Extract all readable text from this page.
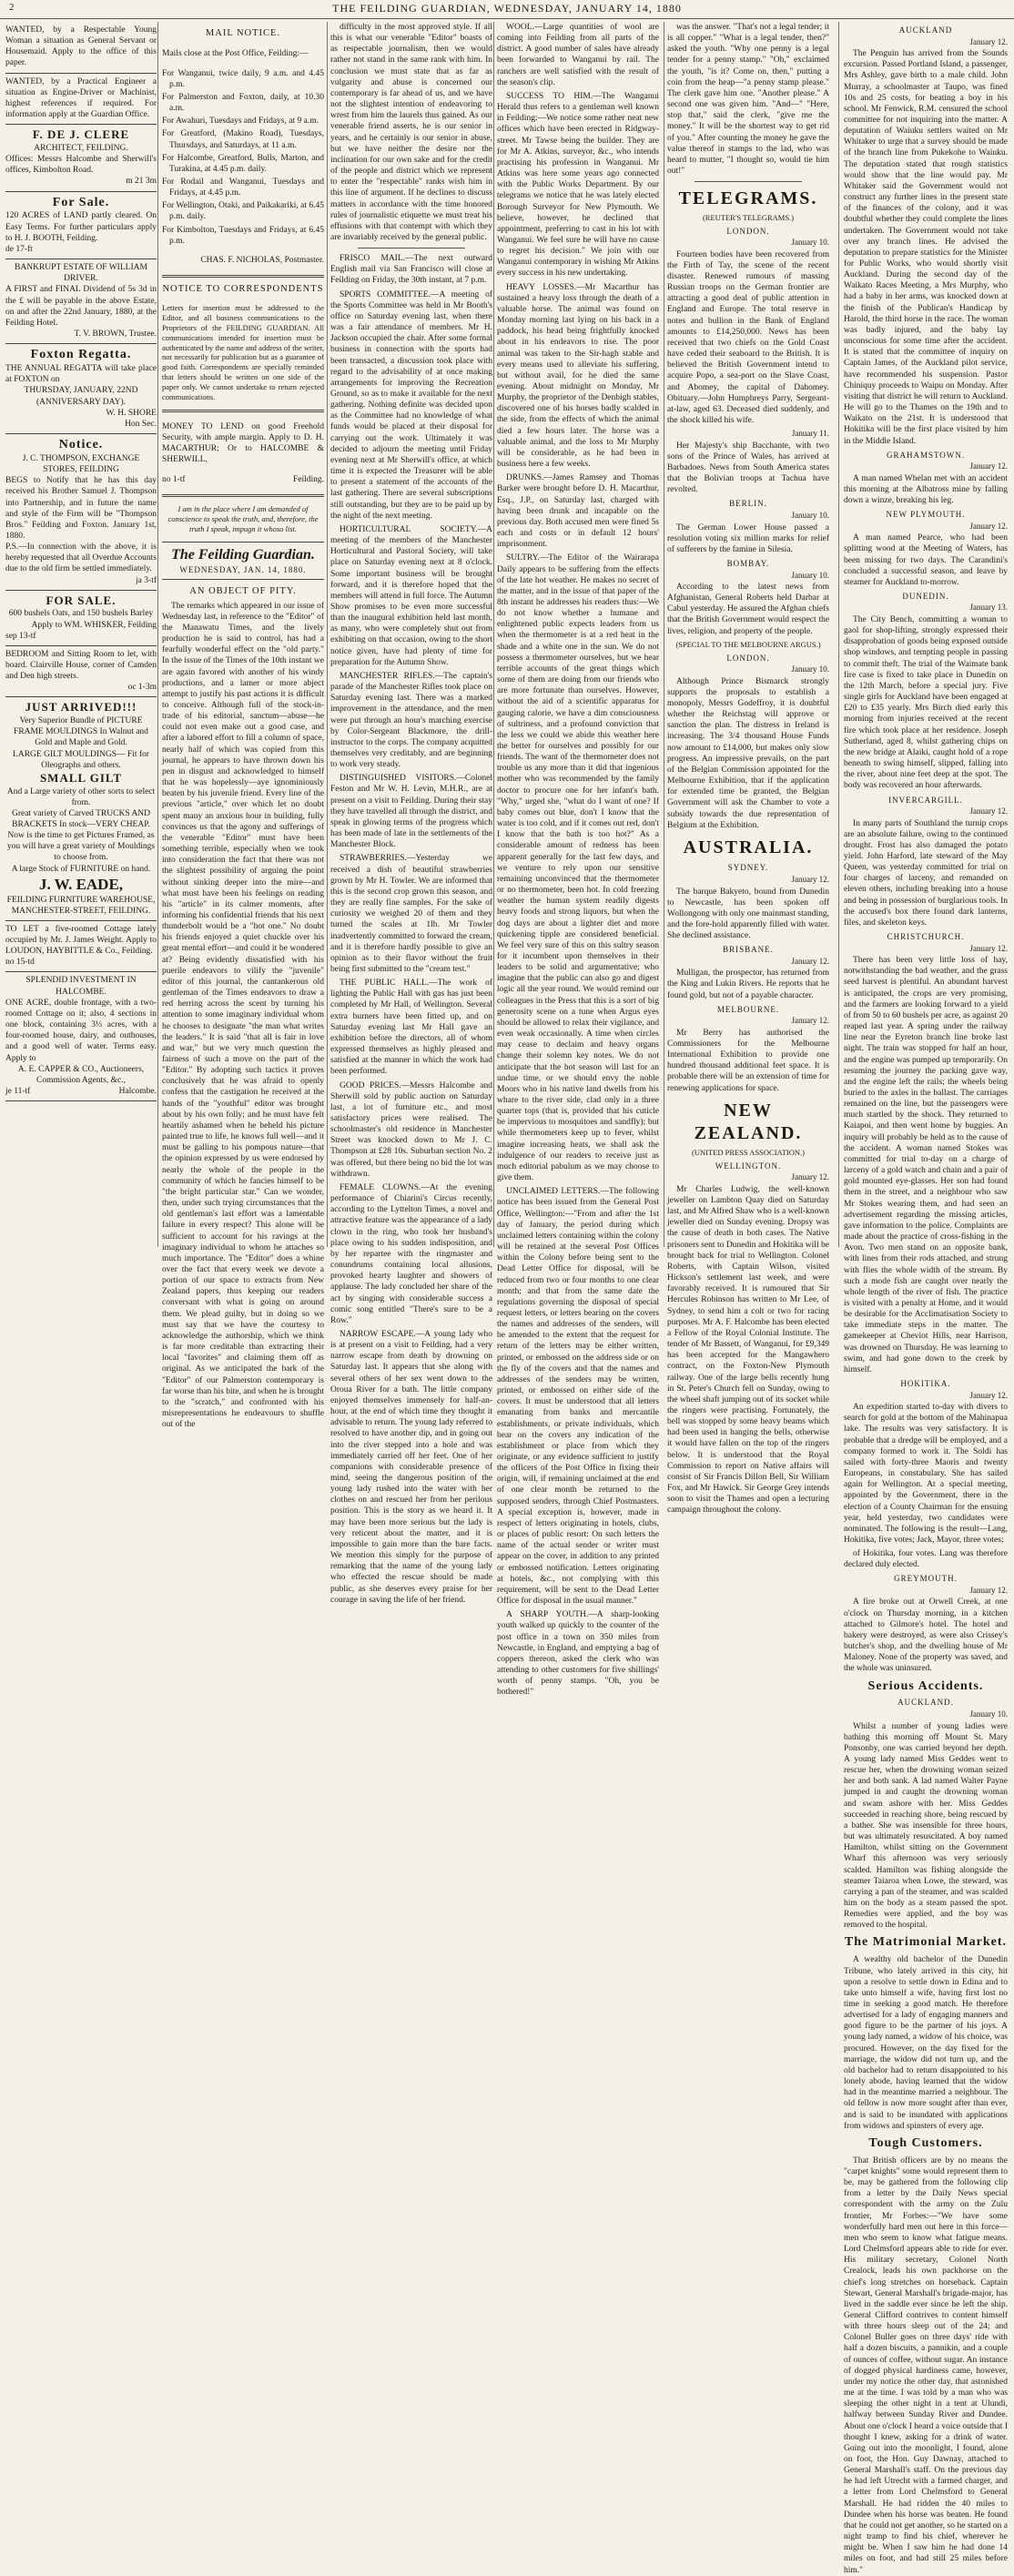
2	THE FEILDING GUARDIAN, WEDNESDAY, JANUARY 14, 1880

WANTED, by a Respectable Young Woman a situation as General Servant or Housemaid. Apply to the office of this paper.

WANTED, by a Practical Engineer a situation as Engine-Driver or Machinist, highest references if required. For information apply at the Guardian Office.

F. DE J. CLERE

ARCHITECT, FEILDING.

Offices: Messrs Halcombe and Sherwill's offices, Kimbolton Road.

m 21 3m

For Sale.

120 ACRES of LAND partly cleared. On Easy Terms. For further particulars apply to H. J. BOOTH, Feilding.

de 17-ft

BANKRUPT ESTATE OF WILLIAM DRIVER.

A FIRST and FINAL Dividend of 5s 3d in the £ will be payable in the above Estate, on and after the 22nd January, 1880, at the Feilding Hotel.

T. V. BROWN, Trustee.

Foxton Regatta.

THE ANNUAL REGATTA will take place at FOXTON on

THURSDAY, JANUARY, 22ND

(ANNIVERSARY DAY).

W. H. SHORE

Hon Sec.

Notice.

J. C. THOMPSON, EXCHANGE STORES, FEILDING

BEGS to Notify that he has this day received his Brother Samuel J. Thompson into Partnership, and in future the name and style of the Firm will be "Thompson Bros." Feilding and Foxton. January 1st, 1880.

P.S.—In connection with the above, it is hereby requested that all Overdue Accounts due to the old firm be settled immediately.

ja 3-tf

FOR SALE.

600 bushels Oats, and 150 bushels Barley

Apply to WM. WHISKER, Feilding

sep 13-tf

BEDROOM and Sitting Room to let, with board. Clairville House, corner of Camden and Den high streets.

oc 1-3m

JUST ARRIVED!!!

Very Superior Bundle of PICTURE FRAME MOULDINGS In Walnut and Gold and Maple and Gold.

LARGE GILT MOULDINGS— Fit for Oleographs and others.

SMALL GILT

And a Large variety of other sorts to select from.

Great variety of Carved TRUCKS AND BRACKETS In stock—VERY CHEAP.

Now is the time to get Pictures Framed, as you will have a great variety of Mouldings to choose from.

A large Stock of FURNITURE on hand.

J. W. EADE,

FEILDING FURNITURE WAREHOUSE, MANCHESTER-STREET, FEILDING.

TO LET a five-roomed Cottage lately occupied by Mr. J. James Weight. Apply to LOUDON, HAYBITTLE & Co., Feilding.

no 15-td

SPLENDID INVESTMENT IN HALCOMBE.

ONE ACRE, double frontage, with a two-roomed Cottage on it; also, 4 sections in one block, containing 3⅓ acres, with a four-roomed house, dairy, and outhouses, and a good well of water. Terms easy. Apply to

A. E. CAPPER & CO., Auctioneers, Commission Agents, &c.,

je 11-tf	Halcombe.

MAIL NOTICE.

Mails close at the Post Office, Feilding:—

For Wanganui, twice daily, 9 a.m. and 4.45 p.m.

For Palmerston and Foxton, daily, at 10.30 a.m.

For Awahuri, Tuesdays and Fridays, at 9 a.m.

For Greatford, (Makino Road), Tuesdays, Thursdays, and Saturdays, at 11 a.m.

For Halcombe, Greatford, Bulls, Marton, and Turakina, at 4.45 p.m. daily.

For Rodail and Wanganui, Tuesdays and Fridays, at 4.45 p.m.

For Wellington, Otaki, and Paikakariki, at 6.45 p.m. daily.

For Kimbolton, Tuesdays and Fridays, at 6.45 p.m.

CHAS. F. NICHOLAS, Postmaster.

NOTICE TO CORRESPONDENTS

Letters for insertion must be addressed to the Editor, and all business communications to the Proprietors of the FEILDING GUARDIAN. All communications intended for insertion must be authenticated by the name and address of the writer, not necessarily for publication but as a guarantee of good faith. Correspondents are specially reminded that letters should be written on one side of the paper only. We cannot undertake to return rejected communications.

MONEY TO LEND on good Freehold Security, with ample margin. Apply to D. H. MACARTHUR; Or to HALCOMBE & SHERWILL,

no 1-tf	Feilding.

I am in the place where I am demanded of conscience to speak the truth, and, therefore, the truth I speak, impugn it whoso list.

The Feilding Guardian.
WEDNESDAY, JAN. 14, 1880.

AN OBJECT OF PITY.

The remarks which appeared in our issue of Wednesday last, in reference to the "Editor" of the Manawatu Times, and the lively production he is said to control, has had a fearfully wonderful effect on the "old party." In the issue of the Times of the 10th instant we are again favored with another of his windy productions, and a lamer or more abject attempt to justify his past actions it is difficult to conceive. Although full of the stock-in-trade of his editorial, sanctum—abuse—he could not even make out a good case, and after a labored effort to fill a column of space, nearly half of which was copied from this journal, he appears to have thrown down his pen in disgust and acknowledged to himself that he was hopelessly—aye ignominiously beaten by his juvenile friend. Every line of the previous "article," over which let no doubt spent many an anxious hour in building, fully convinces us that the agony and sufferings of the venerable "Editor" must have been something terrible, especially when we took into consideration the fact that there was not the slightest possibility of arguing the point without sinking deeper into the mire—and what must have been his feelings on reading his "article" in its calmer moments, after informing his confidential friends that his next thunderbolt would be a "hot one." No doubt his friends enjoyed a quiet chuckle over his great mental effort—and could it be wondered at? Being evidently dissatisfied with his puerile endeavors to vilify the "juvenile" editor of this journal, the cantankerous old gentleman of the Times endeavors to draw a red herring across the scent by turning his attention to some imaginary individual whom he chooses to designate "the man what writes the leaders." It is said "that all is fair in love and war," but we very much question the fairness of such a move on the part of the "Editor." By adopting such tactics it proves conclusively that he was afraid to openly confess that the castigation he received at the hands of the "youthful" editor was brought about by his own folly; and he must have felt heartily ashamed when he beheld his picture painted true to life, he knows full well—and it must be galling to his pompous nature—that the opinion expressed by us were endorsed by nearly the whole of the people in the community of which he fancies himself to be "the bright particular star." Can we wonder, then, under such trying circumstances that the old gentleman's last effort was a lamentable failure in every respect? This alone will be sufficient to account for his ravings at the imaginary individual to whom he attaches so much importance. The "Editor" does a whine over the fact that every week we devote a portion of our space to extracts from New Zealand papers, thus keeping our readers conversant with what is going on around them. We plead guilty, but in doing so we must say that we have the courtesy to acknowledge the authorship, which we think is far more creditable than extracting their local "favorites" and claiming them off as original. As we anticipated the bark of the "Editor" of our Palmerston contemporary is far worse than his bite, and when he is brought to the "scratch," and confronted with his misrepresentations he endeavours to shuffle out of the

difficulty in the most approved style. If all this is what our venerable "Editor" boasts of as respectable journalism, then we would rather not stand in the same rank with him. In conclusion we must state that as far as vulgarity and abuse is concerned our contemporary is far ahead of us, and we have not the slightest intention of endeavoring to wrest from him the laurels thus gained. As our venerable friend asserts, he is our senior in years, and he certainly is our senior in abuse, but we have neither the desire nor the inclination for our own sake and for the credit of the people and district which we represent to enter the "respectable" ranks wish him in this line of argument. If he declines to discuss matters in accordance with the time honored rules of journalistic etiquette we must treat his effusions with that contempt with which they are invariably received by the general public.

FRISCO MAIL.—The next outward English mail via San Francisco will close at Feilding on Friday, the 30th instant, at 7 p.m.

SPORTS COMMITTEE.—A meeting of the Sports Committee was held in Mr Booth's office on Saturday evening last, when there was a fair attendance of members. Mr H. Jackson occupied the chair. After some formal business in connection with the sports had been transacted, a discussion took place with regard to the advisability of at once making arrangements for improving the Recreation Ground, so as to make it available for the next gathering. Nothing definite was decided upon as the Committee had no knowledge of what funds would be placed at their disposal for carrying out the work. Ultimately it was decided to adjourn the meeting until Friday evening next at Mr Sherwill's office, at which time it is expected the Treasurer will be able to present a statement of the accounts of the last gathering. There are several subscriptions still outstanding, but they are to be paid up by the night of the next meeting.

HORTICULTURAL SOCIETY.—A meeting of the members of the Manchester Horticultural and Pastoral Society, will take place on Saturday evening next at 8 o'clock. Some important business will be brought forward, and it is therefore hoped that the members will attend in full force. The Autumn Show promises to be even more successful than the inaugural exhibition held last month, as many, who were completely shut out from exhibiting on that occasion, owing to the short notice given, have had plenty of time for preparation for the Autumn Show.

MANCHESTER RIFLES.—The captain's parade of the Manchester Rifles took place on Saturday evening last. There was a marked improvement in the attendance, and the men were put through an hour's marching exercise by Color-Sergeant Blackmore, the drill-instructor to the corps. The company acquitted themselves very creditably, and are beginning to work very steady.

DISTINGUISHED VISITORS.—Colonel Feston and Mr W. H. Levin, M.H.R., are at present on a visit to Feilding. During their stay they have travelled all through the district, and speak in glowing terms of the progress which has been made of late in the settlements of the Manchester Block.

STRAWBERRIES.—Yesterday we received a dish of beautiful strawberries grown by Mr H. Towler. We are informed that this is the second crop grown this season, and they are really fine samples. For the sake of curiosity we weighed 20 of them and they turned the scales at 1lb. Mr Towler inadvertently committed to forward the cream, and it is therefore hardly possible to give an opinion as to their flavor without the fruit being first submitted to the "cream test."

THE PUBLIC HALL.—The work of lighting the Public Hall with gas has just been completed by Mr Hall, of Wellington. Several extra burners have been fitted up, and on Saturday evening last Mr Hall gave an exhibition before the directors, all of whom expressed themselves as highly pleased and satisfied at the manner in which the work had been performed.

GOOD PRICES.—Messrs Halcombe and Sherwill sold by public auction on Saturday last, a lot of furniture etc., and most satisfactory prices were realised. The schoolmaster's old residence in Manchester Street was knocked down to Mr J. C. Thompson at £28 10s. Suburban section No. 2 was offered, but there being no bid the lot was withdrawn.

FEMALE CLOWNS.—At the evening performance of Chiarini's Circus recently, according to the Lyttelton Times, a novel and attractive feature was the appearance of a lady clown in the ring, who took her husband's place owing to his sudden indisposition, and by her repartee with the ringmaster and conundrums containing local allusions, provoked hearty laughter and showers of applause. The lady concluded her share of the act by singing with considerable success a comic song entitled "There's sure to be a Row."

NARROW ESCAPE.—A young lady who is at present on a visit to Feilding, had a very narrow escape from death by drowning on Saturday last. It appears that she along with several others of her sex went down to the Oroua River for a bath. The little company enjoyed themselves immensely for half-an-hour, at the end of which time they thought it advisable to return. The young lady referred to resolved to have another dip, and in going out into the river stepped into a hole and was immediately carried off her feet. One of her companions with considerable presence of mind, seeing the dangerous position of the young lady rushed into the water with her clothes on and rescued her from her perilous position. This is the story as we heard it. It may have been more serious but the lady is very reticent about the matter, and it is impossible to gain more than the bare facts. We mention this simply for the purpose of remarking that the name of the young lady who effected the rescue should be made public, as she deserves every praise for her courage in saving the life of her friend.

WOOL.—Large quantities of wool are coming into Feilding from all parts of the district. A good number of sales have already been forwarded to Wanganui by rail. The ranchers are well satisfied with the result of the season's clip.

SUCCESS TO HIM.—The Wanganui Herald thus refers to a gentleman well known in Feilding:—We notice some rather neat new offices which have been erected in Ridgway-street. Mr Tawse being the builder. They are for Mr A. Atkins, surveyor, &c., who intends practising his profession in Wanganui. Mr Atkins was here some years ago connected with the Public Works Department. By our telegrams we notice that he was lately elected Borough Surveyor for New Plymouth. We believe, however, he declined that appointment, preferring to cast in his lot with Wanganui. We feel sure he will have no cause to regret his decision." We join with our Wanganui contemporary in wishing Mr Atkins every success in his new undertaking.

HEAVY LOSSES.—Mr Macarthur has sustained a heavy loss through the death of a valuable horse. The animal was found on Monday morning last lying on his back in a paddock, his head being frightfully knocked about in his endeavors to rise. The poor animal was taken to the Sir-hagh stable and every means used to alleviate his suffering, but without avail, for he died the same evening. About midnight on Monday, Mr Murphy, the proprietor of the Denbigh stables, discovered one of his horses badly scalded in the side, from the effects of which the animal died a few hours later. The horse was a valuable animal, and the loss to Mr Murphy will be considerable, as he had been in business here a few weeks.

DRUNKS.—James Ramsey and Thomas Barker were brought before D. H. Macarthur, Esq., J.P., on Saturday last, charged with having been drunk and incapable on the previous day. Both accused men were fined 5s each and costs or in default 12 hours' imprisonment.

SULTRY.—The Editor of the Wairarapa Daily appears to be suffering from the effects of the late hot weather. He makes no secret of the matter, and in the issue of that paper of the 8th instant he addresses his readers thus:—We do not know whether a humane and enlightened public expects leaders from us when the thermometer is at a red heat in the shade and a white one in the sun. We do not possess a thermometer ourselves, but we hear terrible accounts of the great things which some of them are doing from our friends who are more fortunate than ourselves. However, without the aid of a scientific apparatus for gauging calorie, we have a dim consciousness of sultriness, and a profound conviction that the less we could we abide this weather here the better for ourselves and possibly for our friends. The want of the thermometer does not trouble us any more than it did that ingenious mother who was recommended by the family doctor to procure one for her infant's bath. "Why," urged she, "what do I want of one? If baby comes out blue, don't I know that the water is too cold, and if it comes out red, don't I know that the bath is too hot?" As a considerable amount of redness has been apparent generally for the last few days, and we venture to rely upon our sensitive remaining unconvinced that the thermometer or no thermometer, been hot. In cold freezing weather the human system readily digests heavy foods and strong liquors, but when the dog days are about a lighter diet and more quickening tipple are considered beneficial. We feel very sure of this on this sultry season for it incumbent upon themselves in their leaders to be solid and argumentative; who imagine that the public can also go and digest logic all the year round. We would remind our colleagues in the Press that this is a sort of big generosity scene on a tune when Argus eyes should be allowed to relax their vigilance, and even weak occasionally. A time when circles may cease to declaim and heavy organs change their solemn key notes. We do not anticipate that the hot season will last for an undue time, or we should envy the noble Moors who in his native land dwells from his whare to the river side, clad only in a three quarter tops (that is, provided that his cuticle be impervious to mosquitoes and sandfly); but while thermometers keep up to fever, whilst imagine increasing heats, we shall ask the indulgence of our readers to receive just as much editorial pabulum as we may choose to give them.

UNCLAIMED LETTERS.—The following notice has been issued from the General Post Office, Wellington:—"From and after the 1st day of January, the period during which unclaimed letters containing within the colony will be retained at the several Post Offices within the Colony before being sent to the Dead Letter Office for disposal, will be reduced from two or four months to one clear month; and that from the same date the regulations governing the disposal of special request letters, or letters bearing on the covers the names and addresses of the senders, will be amended to the extent that the request for return of the letters may be either written, printed, or embossed on the address side or on the fly of the covers and that the names and addresses of the senders may be written, printed, or embossed on either side of the covers. It must be understood that all letters emanating from banks and mercantile establishments, or private individuals, which bear on the covers any indication of the establishment or place from which they originate, or any evidence sufficient to justify the officers of the Post Office in fixing their origin, will, if remaining unclaimed at the end of one clear month be returned to the supposed senders, through Chief Postmasters. A special exception is, however, made in respect of letters originating in hotels, clubs, or places of public resort: On such letters the name of the actual sender or writer must appear on the cover, in addition to any printed or embossed notification. Letters originating at hotels, &c., not complying with this requirement, will be sent to the Dead Letter Office for disposal in the usual manner."

A SHARP YOUTH.—A sharp-looking youth walked up quickly to the counter of the post office in a town on 350 miles from Newcastle, in England, and emptying a bag of coppers thereon, asked the clerk who was attending to other customers for five shillings' worth of penny stamps. "Oh, you be bothered!"

was the answer. "That's not a legal tender; it is all copper." "What is a legal tender, then?" asked the youth. "Why one penny is a legal tender for a penny stamp." "Oh," exclaimed the youth, "is it? Come on, then," putting a coin from the heap—"a penny stamp please." The clerk gave him one. "Another please." A second one was given him. "And—" "Here, stop that," said the clerk, "give me the money." It will be the shortest way to get rid of you." After counting the money he gave the value thereof in stamps to the lad, who was heard to mutter, "I thought so, would tie him out!"

TELEGRAMS.

(REUTER'S TELEGRAMS.)

LONDON.

January 10.

Fourteen bodies have been recovered from the Firth of Tay, the scene of the recent disaster. Renewed rumours of massing Russian troops on the German frontier are attracting a good deal of public attention in England and Europe. The total reserve in notes and bullion in the Bank of England amounts to £14,250,000. News has been received that two chiefs on the Gold Coast have ceded their seaboard to the British. It is believed the British Government intend to acquire Popo, a sea-port on the Slave Coast, and Abomey, the capital of Dahomey. Obituary.—John Humphreys Parry, Sergeant-at-law, aged 63. Deceased died suddenly, and the shock killed his wife.

January 11.

Her Majesty's ship Bacchante, with two sons of the Prince of Wales, has arrived at Barbadoes. News from South America states that the Bolivian troops at Tachua have revolted.

BERLIN.

January 10.

The German Lower House passed a resolution voting six million marks for relief of sufferers by the famine in Silesia.

BOMBAY.

January 10.

According to the latest news from Afghanistan, General Roberts held Darbar at Cabul yesterday. He assured the Afghan chiefs that the British Government would respect the lives, religion, and property of the people.

(SPECIAL TO THE MELBOURNE ARGUS.)

LONDON.

January 10.

Although Prince Bismarck strongly supports the proposals to establish a monopoly, Messrs Godeffroy, it is doubtful whether the Reichstag will approve or sanction the plan. The distress in Ireland is increasing. The 3/4 thousand House Funds now amount to £14,000, but makes only slow progress. An impressive prevails, on the part of the Belgian Commission appointed for the Melbourne Exhibition, that if the application for extended time be granted, the Belgian Government will ask the Chamber to vote a subsidy towards the due representation of Belgium at the Exhibition.

AUSTRALIA.

SYDNEY.

January 12.

The barque Bakyeto, bound from Dunedin to Newcastle, has been spoken off Wollongong with only one mainmast standing, and the fore-hold apparently filled with water. She declined assistance.

BRISBANE.

January 12.

Mulligan, the prospector, has returned from the King and Lukin Rivers. He reports that he found gold, but not of a payable character.

MELBOURNE.

January 12.

Mr Berry has authorised the Commissioners for the Melbourne International Exhibition to provide one hundred thousand additional feet space. It is probable there will be an extension of time for renewing applications for space.

NEW ZEALAND.

(UNITED PRESS ASSOCIATION.)

WELLINGTON.

January 12.

Mr Charles Ludwig, the well-known jeweller on Lambton Quay died on Saturday last, and Mr Alfred Shaw who is a well-known jeweller died on Sunday evening. Dropsy was the cause of death in both cases. The Native prisoners sent to Dunedin and Hokitika will be brought back for trial to Wellington. Colonel Roberts, with Captain Wilson, visited Hickson's settlement last week, and were favorably received. It is rumoured that Sir Hercules Robinson has written to Mr Lee, of Sydney, to send him a colt or two for racing purposes. Mr A. F. Halcombe has been elected a Fellow of the Royal Colonial Institute. The tender of Mr Bassett, of Wanganui, for £9,349 has been accepted for the Mangawhero contract, on the Foxton-New Plymouth railway. One of the large bells recently hung in St. Peter's Church fell on Sunday, owing to the wheel shaft jumping out of its socket while the ringers were practising. Fortunately, the bell was stopped by some heavy beams which had been used in hanging the bells, otherwise it would have fallen on the top of the ringers below. It is understood that the Royal Commission to report on Native affairs will consist of Sir Francis Dillon Bell, Sir William Fox, and Mr Hawick. Sir George Grey intends soon to visit the Thames and open a lecturing campaign throughout the colony.

AUCKLAND

January 12.

The Penguin has arrived from the Sounds excursion. Passed Portland Island, a passenger, Mrs Ashley, gave birth to a male child. John Murray, a schoolmaster at Taupo, was fined 10s and 25 costs, for beating a boy in his school. Mr Fenwick, R.M. censured the school committee for not inquiring into the matter. A deputation of Waiuku settlers waited on Mr Whitaker to urge that a survey should be made of the branch line from Pukekohe to Waiuku. The deputation stated that rough statistics would show that the line would pay. Mr Whitaker said the Government would not construct any further lines in the present state of the finances of the colony, and it was doubtful whether they could complete the lines undertaken. The Government would not take over any branch lines. He advised the deputation to prepare statistics for the Minister for Public Works, who would shortly visit Auckland. During the second day of the Waikato Races Meeting, a Mrs Murphy, who had a baby in her arms, was knocked down at the finish of the Publican's Handicap by Harold, the third horse in the race. The woman was badly injured, and the baby lay unconscious for some time after the accident. It is stated that the committee of inquiry on Captain James, of the Auckland pilot service, have recommended his suspension. Pastor Chiniquy proceeds to Waipu on Monday. After visiting that district he will return to Auckland. He will go to the Thames on the 19th and to Waikato on the 21st. It is understood that Hokitika will be the first place visited by him in the Middle Island.

GRAHAMSTOWN.

January 12.

A man named Whelan met with an accident this morning at the Albatross mine by falling down a winze, breaking his leg.

NEW PLYMOUTH.

January 12.

A man named Pearce, who had been splitting wood at the Meeting of Waters, has been missing for two days. The Carandini's concluded a successful season, and leave by steamer for Auckland to-morrow.

DUNEDIN.

January 13.

The City Bench, committing a woman to gaol for shop-lifting, strongly expressed their disapprobation of goods being exposed outside shop windows, and tempting people in passing to commit theft. The trial of the Waimate bank fire case is fixed to take place in Dunedin on the 12th March, before a special jury. Five single girls for Auckland have been engaged at £20 to £35 yearly. Mrs Birch died early this morning from injuries received at the recent fire which took place at her residence. Joseph Sutherland, aged 8, whilst gathering chips on the new bridge at Alaiki, caught hold of a rope beneath to swing himself, slipped, falling into the river, about nine feet deep at the spot. The body was recovered an hour afterwards.

INVERCARGILL.

January 12.

In many parts of Southland the turnip crops are an absolute failure, owing to the continued drought. Frost has also damaged the potato yield. John Harford, late steward of the May Queen, was yesterday committed for trial on four charges of larceny, and remanded on eleven others, including breaking into a house and being in possession of burglarious tools. In the accused's box there found dark lanterns, files, and skeleton keys.

CHRISTCHURCH.

January 12.

There has been very little loss of hay, notwithstanding the bad weather, and the grass seed harvest is plentiful. An abundant harvest is anticipated, the crops are very promising, and the farmers are looking forward to a yield of from 50 to 60 bushels per acre, as against 20 reaped last year. A spring under the railway line near the Eyreton branch line broke last night. The train was stopped for half an hour, and the engine was pumped up temporarily. On resuming the journey the packing gave way, and the engine left the rails; the wheels being buried to the axles in the ballast. The carriages remained on the line, but the passengers were much startled by the shock. They returned to Kaiapoi, and then went home by buggies. An inquiry will probably be held as to the cause of the accident. A woman named Stokes was committed for trial to-day on a charge of larceny of a gold watch and chain and a pair of gold mounted eye-glasses. Her son had found them in the street, and a neighbour who saw Mr Stokes wearing them, and had seen an advertisement regarding the missing articles, gave information to the police. Complaints are made about the practice of cross-fishing in the Avon. Two men stand on an opposite bank, with lines from their rods attached, and strung with flies the whole width of the stream. By such a mode fish are caught over nearly the whole length of the river of fish. The practice is visited with a penalty at Home, and it would be desirable for the Acclimatisation Society to take immediate steps in the matter. The gamekeeper at Cheviot Hills, near Harrison, was drowned on Thursday. He was learning to swim, and had gone down to the creek by himself.

HOKITIKA.

January 12.

An expedition started to-day with divers to search for gold at the bottom of the Mahinapua lake. The results was very satisfactory. It is probable that a dredge will be employed, and a company formed to work it. The Soldi has sailed with forty-three Maoris and twenty Europeans, in constabulary. She has sailed again for Wellington. At a special meeting, appointed by the Government, there in the election of a County Chairman for the ensuing year, held yesterday, two candidates were nominated. The following is the result—Lang, Hokitika, five votes; Jack, Mayor, three votes;

of Hokitika, four votes. Lang was therefore declared duly elected.

GREYMOUTH.

January 12.

A fire broke out at Orwell Creek, at one o'clock on Thursday morning, in a kitchen attached to Gilmore's hotel. The hotel and bakery were destroyed, as were also Crissey's butcher's shop, and the dwelling house of Mr Maloney. None of the property was saved, and the whole was uninsured.

Serious Accidents.

AUCKLAND.

January 10.

Whilst a number of young ladies were bathing this morning off Mount St. Mary Ponsonby, one was carried beyond her depth. A young lady named Miss Geddes went to rescue her, when the drowning woman seized her and both sank. A lad named Walter Payne jumped in and caught the drowning woman and swam ashore with her. Miss Geddes succeeded in reaching shore, being rescued by a bather. She was insensible for three hours, but was ultimately resuscitated. A boy named Hamilton, whilst sitting on the Government Wharf this afternoon was very seriously scalded. Hamilton was fishing alongside the steamer Taiaroa when Lowe, the steward, was carrying a pan of the steamer, and was scalded him on the body as a steam passed the spot. Remedies were applied, and the boy was removed to the hospital.

The Matrimonial Market.

A wealthy old bachelor of the Dunedin Tribune, who lately arrived in this city, hit upon a resolve to settle down in Edina and to take unto himself a wife, having first lost no time in seeking a good match. He therefore advertised for a lady of engaging manners and good figure to be the partner of his joys. A young lady named, a widow of his choice, was procured. However, on the day fixed for the marriage, the widow did not turn up, and the old bachelor had to return disappointed to his lonely abode, having learned that the widow had in the meantime married a neighbour. The old fellow is now more sought after than ever, and is said to be inundated with applications from widows and spinsters of every age.

Tough Customers.

That British officers are by no means the "carpet knights" some would represent them to be, may be gathered from the following clip from a letter by the Daily News special correspondent with the army on the Zulu frontier, Mr Forbes:—"We have some wonderfully hard men out here in this force—men who seem to know what fatigue means. Lord Chelmsford appears able to ride for ever. His military secretary, Colonel North Crealock, leads his own packhorse on the chief's long stretches on horseback. Captain Stewart, General Marshall's brigade-major, has lived in the saddle ever since he left the ship. General Clifford contrives to content himself with three hours sleep out of the 24; and Colonel Buller goes on three days' ride with half a dozen biscuits, a pannikin, and a couple of ounces of coffee, without sugar. An instance of dogged physical hardiness came, however, under my notice the other day, that astonished me at the time. I was told by a man who was sleeping the other night in a tent at Ulundi, halfway between Sunday River and Dundee. About one o'clock I heard a voice outside that I thought I knew, asking for a drink of water. Going out into the moonlight, I found, alone on foot, the Hon. Guy Dawnay, attached to General Marshall's staff. On the previous day he had left Utrecht with a farmed charger, and a letter from Lord Chelmsford to General Marshall. He had ridden the 40 miles to Dundee when his horse was beaten. He found that he could not get another, so he started on a night tramp to find his chief, wherever he might be. When I saw him he had done 14 miles on foot, and had still 25 miles before him."
